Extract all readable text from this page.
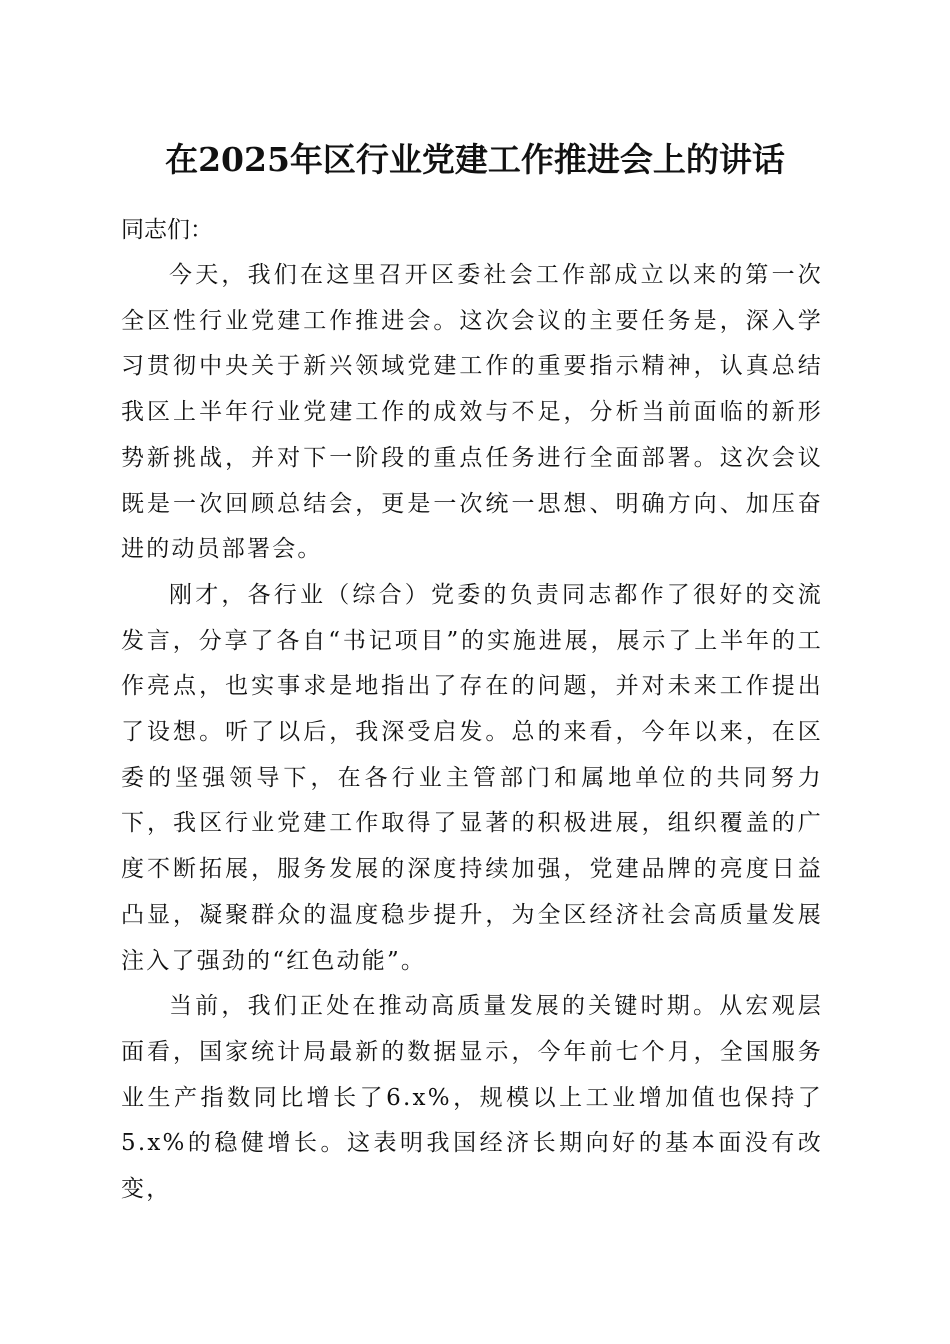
在2025年区行业党建工作推进会上的讲话

同志们：

今天，我们在这里召开区委社会工作部成立以来的第一次全区性行业党建工作推进会。这次会议的主要任务是，深入学习贯彻中央关于新兴领域党建工作的重要指示精神，认真总结我区上半年行业党建工作的成效与不足，分析当前面临的新形势新挑战，并对下一阶段的重点任务进行全面部署。这次会议既是一次回顾总结会，更是一次统一思想、明确方向、加压奋进的动员部署会。

刚才，各行业（综合）党委的负责同志都作了很好的交流发言，分享了各自“书记项目”的实施进展，展示了上半年的工作亮点，也实事求是地指出了存在的问题，并对未来工作提出了设想。听了以后，我深受启发。总的来看，今年以来，在区委的坚强领导下，在各行业主管部门和属地单位的共同努力下，我区行业党建工作取得了显著的积极进展，组织覆盖的广度不断拓展，服务发展的深度持续加强，党建品牌的亮度日益凸显，凝聚群众的温度稳步提升，为全区经济社会高质量发展注入了强劲的“红色动能”。

当前，我们正处在推动高质量发展的关键时期。从宏观层面看，国家统计局最新的数据显示，今年前七个月，全国服务业生产指数同比增长了6.x%，规模以上工业增加值也保持了5.x%的稳健增长。这表明我国经济长期向好的基本面没有改变，
